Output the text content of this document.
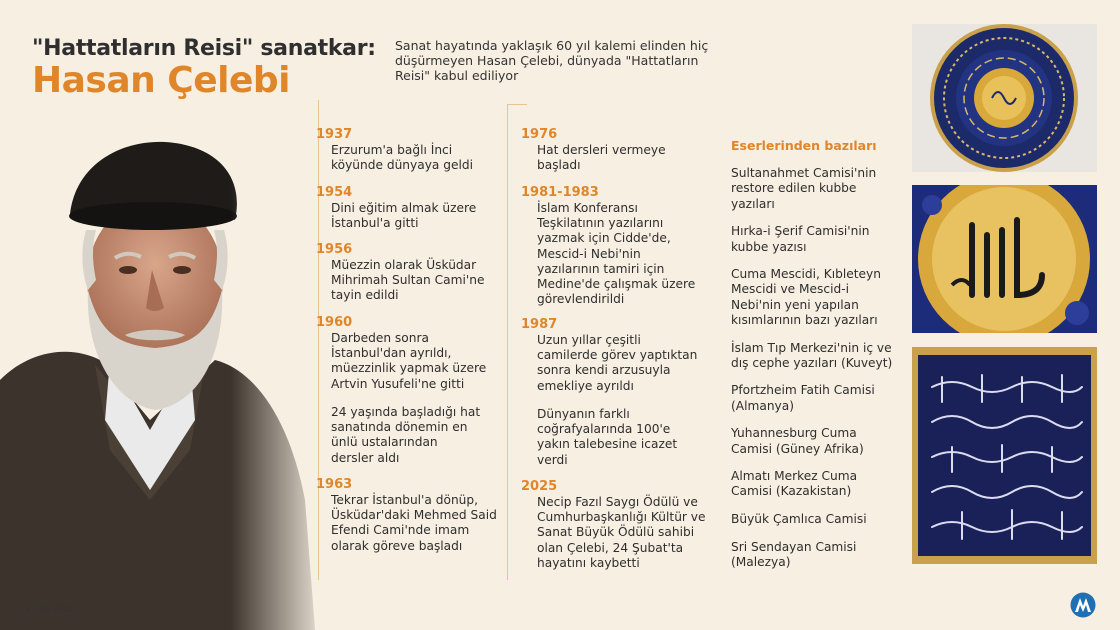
"Hattatların Reisi" sanatkar:
Hasan Çelebi
Sanat hayatında yaklaşık 60 yıl kalemi elinden hiç düşürmeyen Hasan Çelebi, dünyada "Hattatların Reisi" kabul ediliyor
1937
Erzurum'a bağlı İnci köyünde dünyaya geldi
1954
Dini eğitim almak üzere İstanbul'a gitti
1956
Müezzin olarak Üsküdar Mihrimah Sultan Cami'ne tayin edildi
1960
Darbeden sonra İstanbul'dan ayrıldı, müezzinlik yapmak üzere Artvin Yusufeli'ne gitti
24 yaşında başladığı hat sanatında dönemin en ünlü ustalarından dersler aldı
1963
Tekrar İstanbul'a dönüp, Üsküdar'daki Mehmed Said Efendi Cami'nde imam olarak göreve başladı
1976
Hat dersleri vermeye başladı
1981-1983
İslam Konferansı Teşkilatının yazılarını yazmak için Cidde'de, Mescid-i Nebi'nin yazılarının tamiri için Medine'de çalışmak üzere görevlendirildi
1987
Uzun yıllar çeşitli camilerde görev yaptıktan sonra kendi arzusuyla emekliye ayrıldı
Dünyanın farklı coğrafyalarında 100'e yakın talebesine icazet verdi
2025
Necip Fazıl Saygı Ödülü ve Cumhurbaşkanlığı Kültür ve Sanat Büyük Ödülü sahibi olan Çelebi, 24 Şubat'ta hayatını kaybetti
Eserlerinden bazıları
Sultanahmet Camisi'nin restore edilen kubbe yazıları
Hırka-i Şerif Camisi'nin kubbe yazısı
Cuma Mescidi, Kıbleteyn Mescidi ve Mescid-i Nebi'nin yeni yapılan kısımlarının bazı yazıları
İslam Tıp Merkezi'nin iç ve dış cephe yazıları (Kuveyt)
Pfortzheim Fatih Camisi (Almanya)
Yuhannesburg Cuma Camisi (Güney Afrika)
Almatı Merkez Cuma Camisi (Kazakistan)
Büyük Çamlıca Camisi
Sri Sendayan Camisi (Malezya)
24.02.2025
